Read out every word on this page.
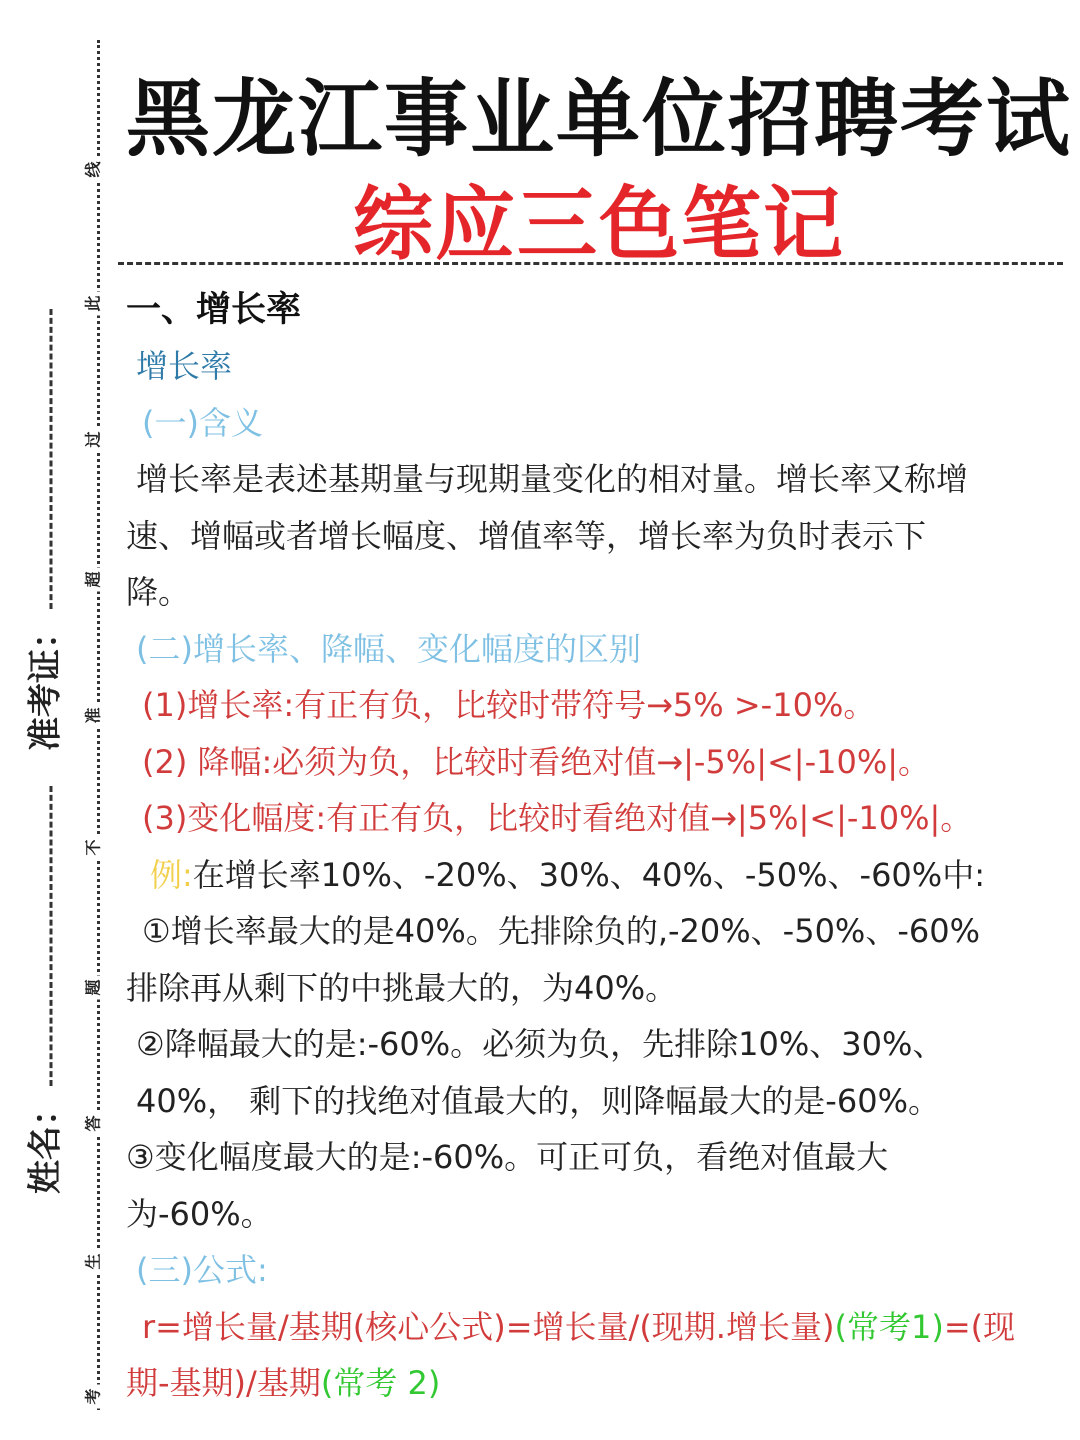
线
此
过
超
准
不
题
答
生
考
准考证：
姓名：
黑龙江事业单位招聘考试
综应三色笔记

一、增长率

增长率

(一)含义

增长率是表述基期量与现期量变化的相对量。增长率又称增

速、增幅或者增长幅度、增值率等，增长率为负时表示下

降。

(二)增长率、降幅、变化幅度的区别

(1)增长率:有正有负，比较时带符号→5% >-10%。

(2) 降幅:必须为负，比较时看绝对值→|-5%|<|-10%|。

(3)变化幅度:有正有负，比较时看绝对值→|5%|<|-10%|。

例:在增长率10%、-20%、30%、40%、-50%、-60%中:

①增长率最大的是40%。先排除负的,-20%、-50%、-60%

排除再从剩下的中挑最大的，为40%。

②降幅最大的是:-60%。必须为负，先排除10%、30%、

40%， 剩下的找绝对值最大的，则降幅最大的是-60%。

③变化幅度最大的是:-60%。可正可负，看绝对值最大

为-60%。

(三)公式:

r=增长量/基期(核心公式)=增长量/(现期.增长量)(常考1)=(现

期-基期)/基期(常考 2)
